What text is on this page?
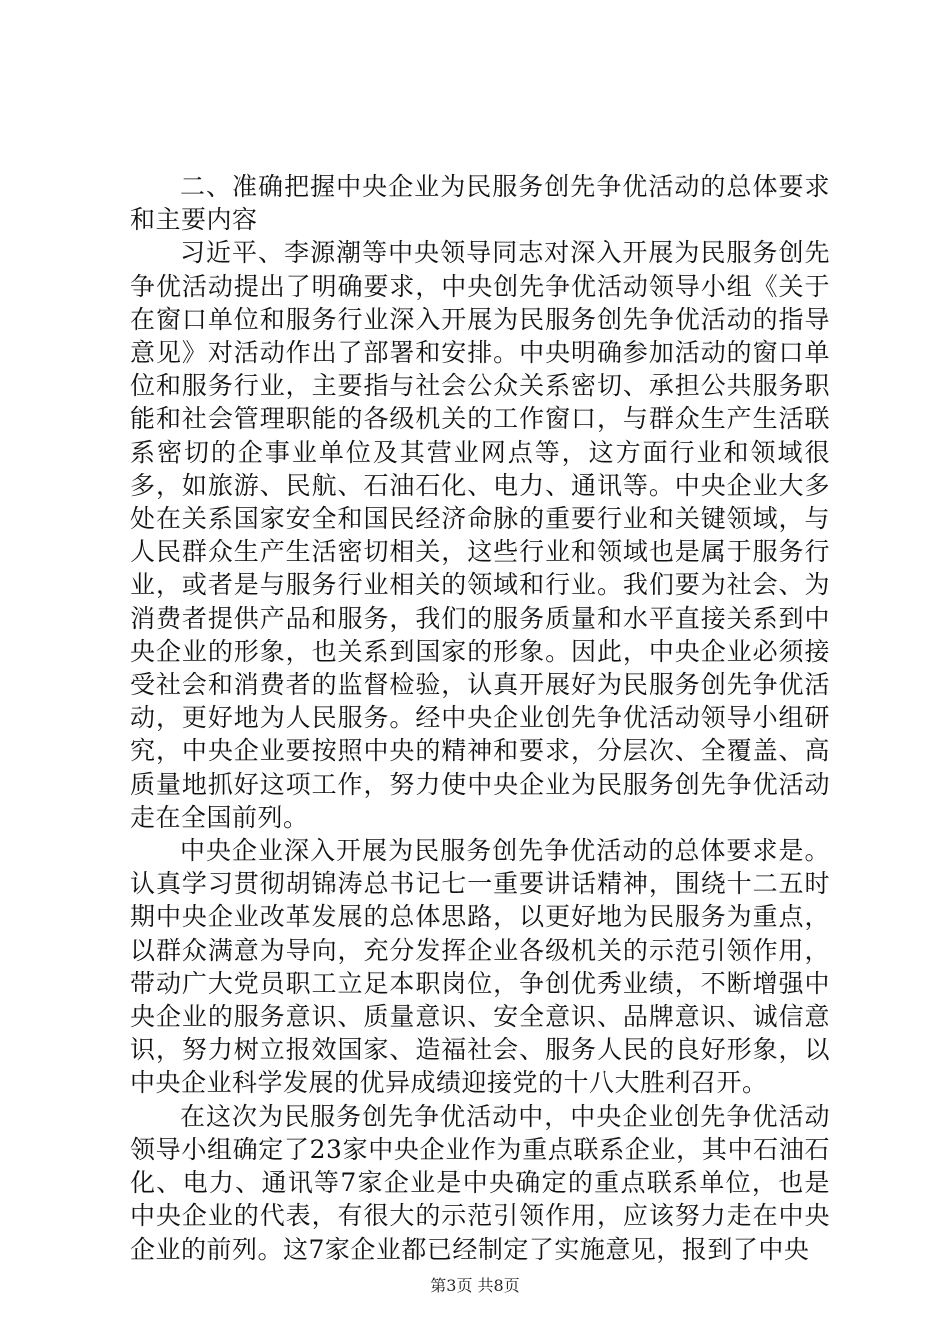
二、准确把握中央企业为民服务创先争优活动的总体要求和主要内容

习近平、李源潮等中央领导同志对深入开展为民服务创先争优活动提出了明确要求，中央创先争优活动领导小组《关于在窗口单位和服务行业深入开展为民服务创先争优活动的指导意见》对活动作出了部署和安排。中央明确参加活动的窗口单位和服务行业，主要指与社会公众关系密切、承担公共服务职能和社会管理职能的各级机关的工作窗口，与群众生产生活联系密切的企事业单位及其营业网点等，这方面行业和领域很多，如旅游、民航、石油石化、电力、通讯等。中央企业大多处在关系国家安全和国民经济命脉的重要行业和关键领域，与人民群众生产生活密切相关，这些行业和领域也是属于服务行业，或者是与服务行业相关的领域和行业。我们要为社会、为消费者提供产品和服务，我们的服务质量和水平直接关系到中央企业的形象，也关系到国家的形象。因此，中央企业必须接受社会和消费者的监督检验，认真开展好为民服务创先争优活动，更好地为人民服务。经中央企业创先争优活动领导小组研究，中央企业要按照中央的精神和要求，分层次、全覆盖、高质量地抓好这项工作，努力使中央企业为民服务创先争优活动走在全国前列。

中央企业深入开展为民服务创先争优活动的总体要求是。认真学习贯彻胡锦涛总书记七一重要讲话精神，围绕十二五时期中央企业改革发展的总体思路，以更好地为民服务为重点，以群众满意为导向，充分发挥企业各级机关的示范引领作用，带动广大党员职工立足本职岗位，争创优秀业绩，不断增强中央企业的服务意识、质量意识、安全意识、品牌意识、诚信意识，努力树立报效国家、造福社会、服务人民的良好形象，以中央企业科学发展的优异成绩迎接党的十八大胜利召开。

在这次为民服务创先争优活动中，中央企业创先争优活动领导小组确定了23家中央企业作为重点联系企业，其中石油石化、电力、通讯等7家企业是中央确定的重点联系单位，也是中央企业的代表，有很大的示范引领作用，应该努力走在中央企业的前列。这7家企业都已经制定了实施意见，报到了中央

第3页 共8页
